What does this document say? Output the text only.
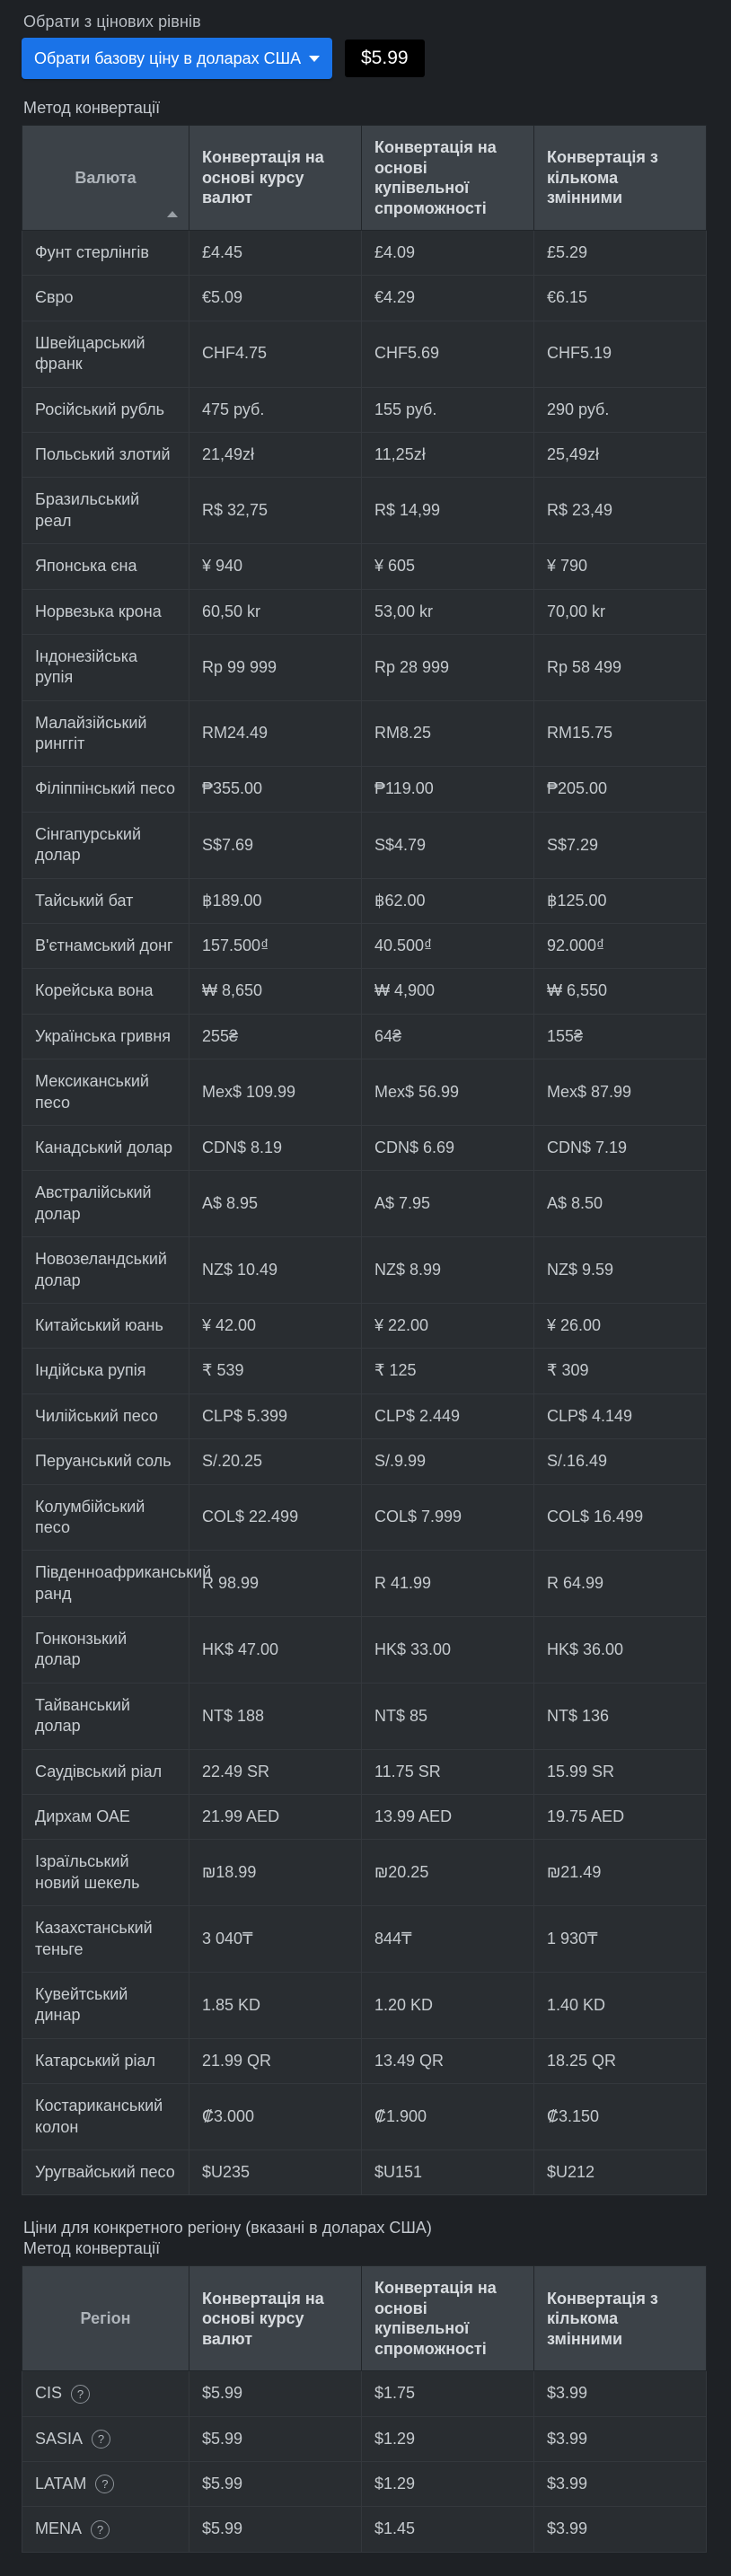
Обрати з цінових рівнів
Обрати базову ціну в доларах США	$5.99
Метод конвертації
Валюта	Конвертація на основі курсу валют	Конвертація на основі купівельної спроможності	Конвертація з кількома змінними
Фунт стерлінгів	£4.45	£4.09	£5.29
Євро	€5.09	€4.29	€6.15
Швейцарський франк	CHF4.75	CHF5.69	CHF5.19
Російський рубль	475 руб.	155 руб.	290 руб.
Польський злотий	21,49zł	11,25zł	25,49zł
Бразильський реал	R$ 32,75	R$ 14,99	R$ 23,49
Японська єна	¥ 940	¥ 605	¥ 790
Норвезька крона	60,50 kr	53,00 kr	70,00 kr
Індонезійська рупія	Rp 99 999	Rp 28 999	Rp 58 499
Малайзійський ринггіт	RM24.49	RM8.25	RM15.75
Філіппінський песо	₱355.00	₱119.00	₱205.00
Сінгапурський долар	S$7.69	S$4.79	S$7.29
Тайський бат	฿189.00	฿62.00	฿125.00
В'єтнамський донг	157.500₫	40.500₫	92.000₫
Корейська вона	₩ 8,650	₩ 4,900	₩ 6,550
Українська гривня	255₴	64₴	155₴
Мексиканський песо	Mex$ 109.99	Mex$ 56.99	Mex$ 87.99
Канадський долар	CDN$ 8.19	CDN$ 6.69	CDN$ 7.19
Австралійський долар	A$ 8.95	A$ 7.95	A$ 8.50
Новозеландський долар	NZ$ 10.49	NZ$ 8.99	NZ$ 9.59
Китайський юань	¥ 42.00	¥ 22.00	¥ 26.00
Індійська рупія	₹ 539	₹ 125	₹ 309
Чилійський песо	CLP$ 5.399	CLP$ 2.449	CLP$ 4.149
Перуанський соль	S/.20.25	S/.9.99	S/.16.49
Колумбійський песо	COL$ 22.499	COL$ 7.999	COL$ 16.499
Південноафриканський ранд	R 98.99	R 41.99	R 64.99
Гонконзький долар	HK$ 47.00	HK$ 33.00	HK$ 36.00
Тайванський долар	NT$ 188	NT$ 85	NT$ 136
Саудівський ріал	22.49 SR	11.75 SR	15.99 SR
Дирхам ОАЕ	21.99 AED	13.99 AED	19.75 AED
Ізраїльський новий шекель	₪18.99	₪20.25	₪21.49
Казахстанський теньге	3 040₸	844₸	1 930₸
Кувейтський динар	1.85 KD	1.20 KD	1.40 KD
Катарський ріал	21.99 QR	13.49 QR	18.25 QR
Костариканський колон	₡3.000	₡1.900	₡3.150
Уругвайський песо	$U235	$U151	$U212
Ціни для конкретного регіону (вказані в доларах США)
Метод конвертації
Регіон	Конвертація на основі курсу валют	Конвертація на основі купівельної спроможності	Конвертація з кількома змінними

CIS ?	$5.99	$1.75	$3.99

SASIA ?	$5.99	$1.29	$3.99

LATAM ?	$5.99	$1.29	$3.99

MENA ?	$5.99	$1.45	$3.99
